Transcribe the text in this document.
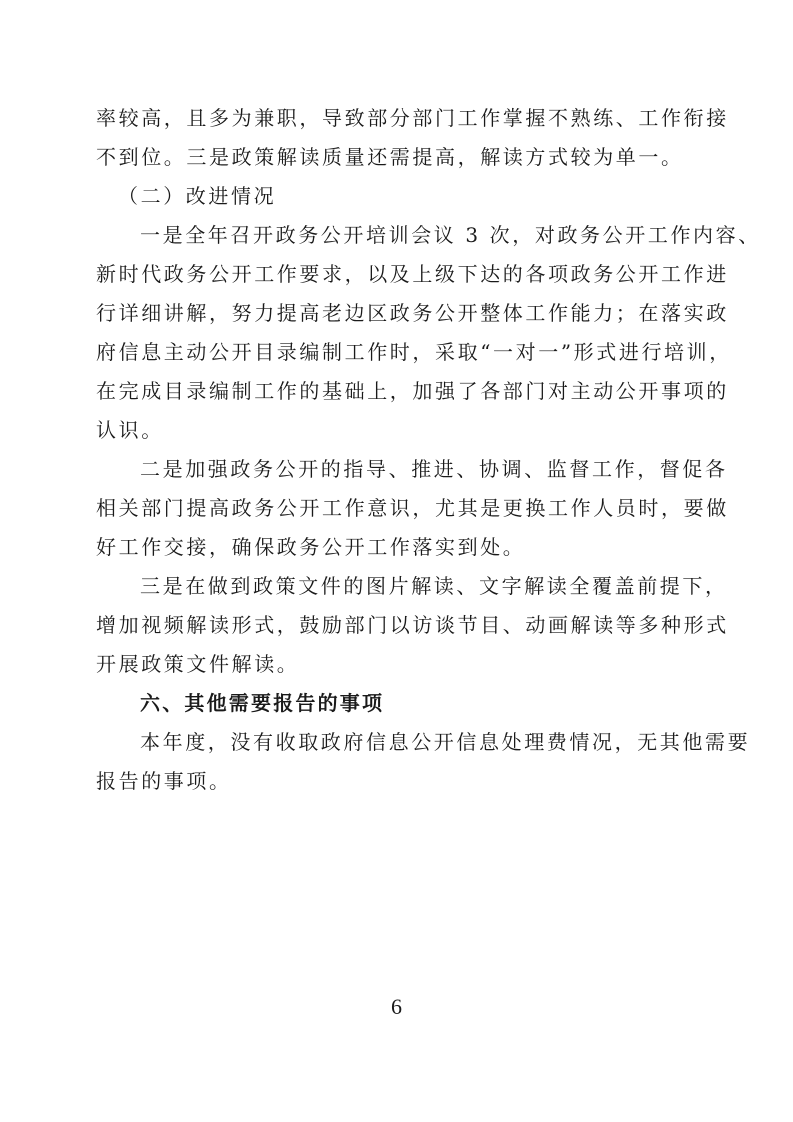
率较高，且多为兼职，导致部分部门工作掌握不熟练、工作衔接
不到位。三是政策解读质量还需提高，解读方式较为单一。
（二）改进情况
一是全年召开政务公开培训会议 3 次，对政务公开工作内容、
新时代政务公开工作要求，以及上级下达的各项政务公开工作进
行详细讲解，努力提高老边区政务公开整体工作能力；在落实政
府信息主动公开目录编制工作时，采取“一对一”形式进行培训，
在完成目录编制工作的基础上，加强了各部门对主动公开事项的
认识。
二是加强政务公开的指导、推进、协调、监督工作，督促各
相关部门提高政务公开工作意识，尤其是更换工作人员时，要做
好工作交接，确保政务公开工作落实到处。
三是在做到政策文件的图片解读、文字解读全覆盖前提下，
增加视频解读形式，鼓励部门以访谈节目、动画解读等多种形式
开展政策文件解读。
六、其他需要报告的事项
本年度，没有收取政府信息公开信息处理费情况，无其他需要
报告的事项。
6
